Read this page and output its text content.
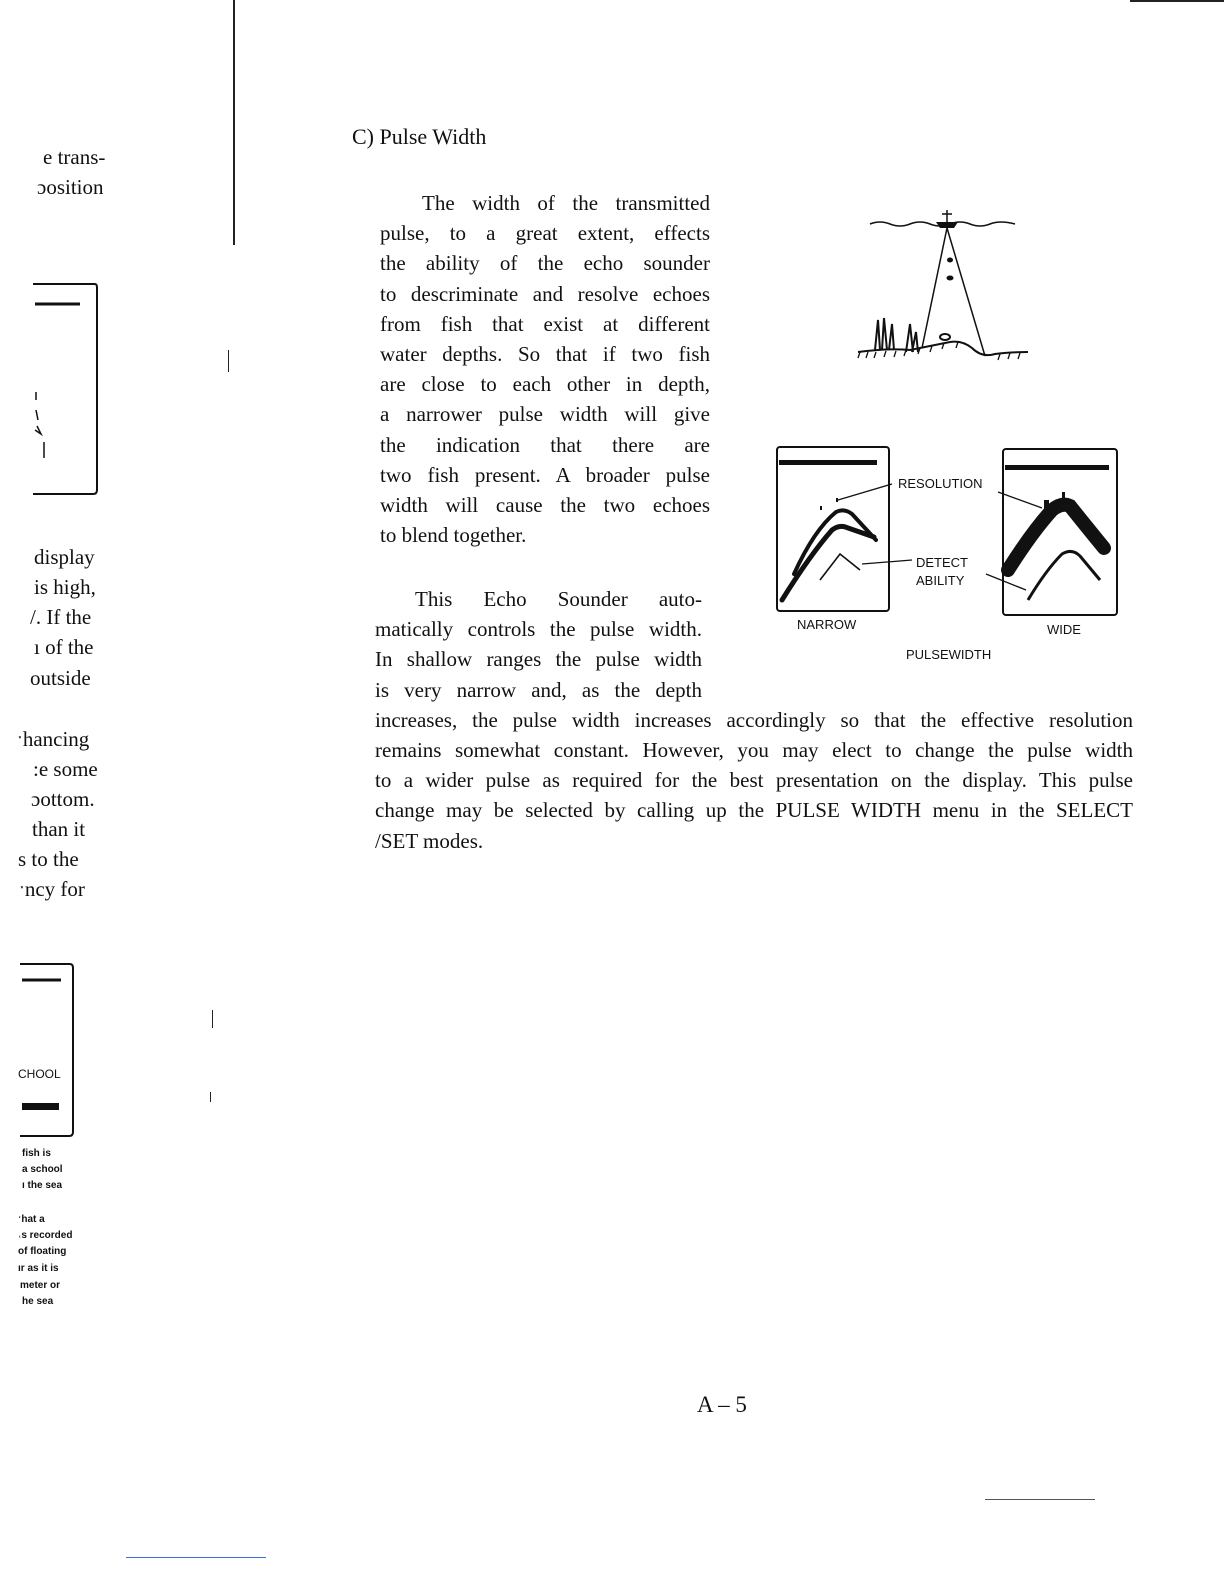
e trans-
ɔosition
display
is high,
/. If the
ı of the
outside
ˑhancing
:e some
ɔottom.
than it
s to the
ˑncy for
CHOOL
fish is
a school
ı the sea
ˑhat a
˓s recorded
of floating
ır as it is
meter or
he sea
C) Pulse Width
The width of the transmitted
pulse, to a great extent, effects
the ability of the echo sounder
to descriminate and resolve echoes
from fish that exist at different
water depths. So that if two fish
are close to each other in depth,
a narrower pulse width will give
the indication that there are
two fish present. A broader pulse
width will cause the two echoes
to blend together.
This Echo Sounder auto-
matically controls the pulse width.
In shallow ranges the pulse width
is very narrow and, as the depth
increases, the pulse width increases accordingly so that the effective resolution
remains somewhat constant. However, you may elect to change the pulse width
to a wider pulse as required for the best presentation on the display. This pulse
change may be selected by calling up the PULSE WIDTH menu in the SELECT
/SET modes.
RESOLUTION
DETECT
ABILITY
NARROW	WIDE
PULSEWIDTH
A – 5
